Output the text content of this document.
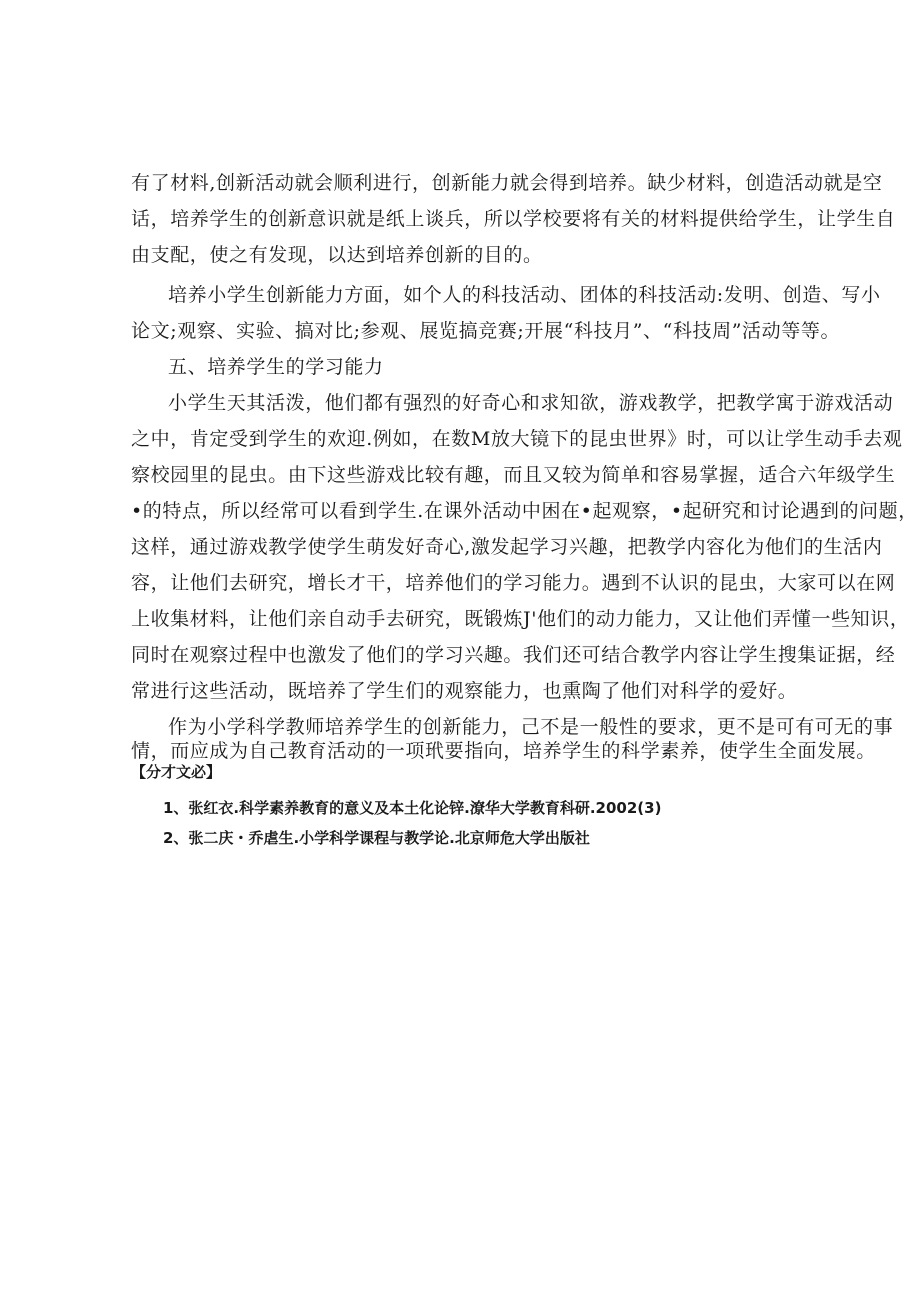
有了材料,创新活动就会顺利进行，创新能力就会得到培养。缺少材料，创造活动就是空
话，培养学生的创新意识就是纸上谈兵，所以学校要将有关的材料提供给学生，让学生自
由支配，使之有发现，以达到培养创新的目的。
培养小学生创新能力方面，如个人的科技活动、团体的科技活动:发明、创造、写小
论文;观察、实验、搞对比;参观、展览搞竞赛;开展“科技月”、“科技周”活动等等。
五、培养学生的学习能力
小学生天其活泼，他们都有强烈的好奇心和求知欲，游戏教学，把教学寓于游戏活动
之中，肯定受到学生的欢迎.例如，在数M放大镜下的昆虫世界》时，可以让学生动手去观
察校园里的昆虫。由下这些游戏比较有趣，而且又较为简单和容易掌握，适合六年级学生
•的特点，所以经常可以看到学生.在课外活动中困在•起观察，•起研究和讨论遇到的问题，
这样，通过游戏教学使学生萌发好奇心,激发起学习兴趣，把教学内容化为他们的生活内
容，让他们去研究，增长才干，培养他们的学习能力。遇到不认识的昆虫，大家可以在网
上收集材料，让他们亲自动手去研究，既锻炼J'他们的动力能力，又让他们弄懂一些知识，
同时在观察过程中也激发了他们的学习兴趣。我们还可结合教学内容让学生搜集证据，经
常进行这些活动，既培养了学生们的观察能力，也熏陶了他们对科学的爱好。
作为小学科学教师培养学生的创新能力，己不是一般性的要求，更不是可有可无的事
情，而应成为自己教育活动的一项玳要指向，培养学生的科学素养，使学生全面发展。
【分才文必】
1、张红衣.科学素养教育的意义及本土化论锌.潦华大学教育科研.2002(3)
2、张二庆・乔虐生.小学科学课程与教学论.北京师危大学出版社
